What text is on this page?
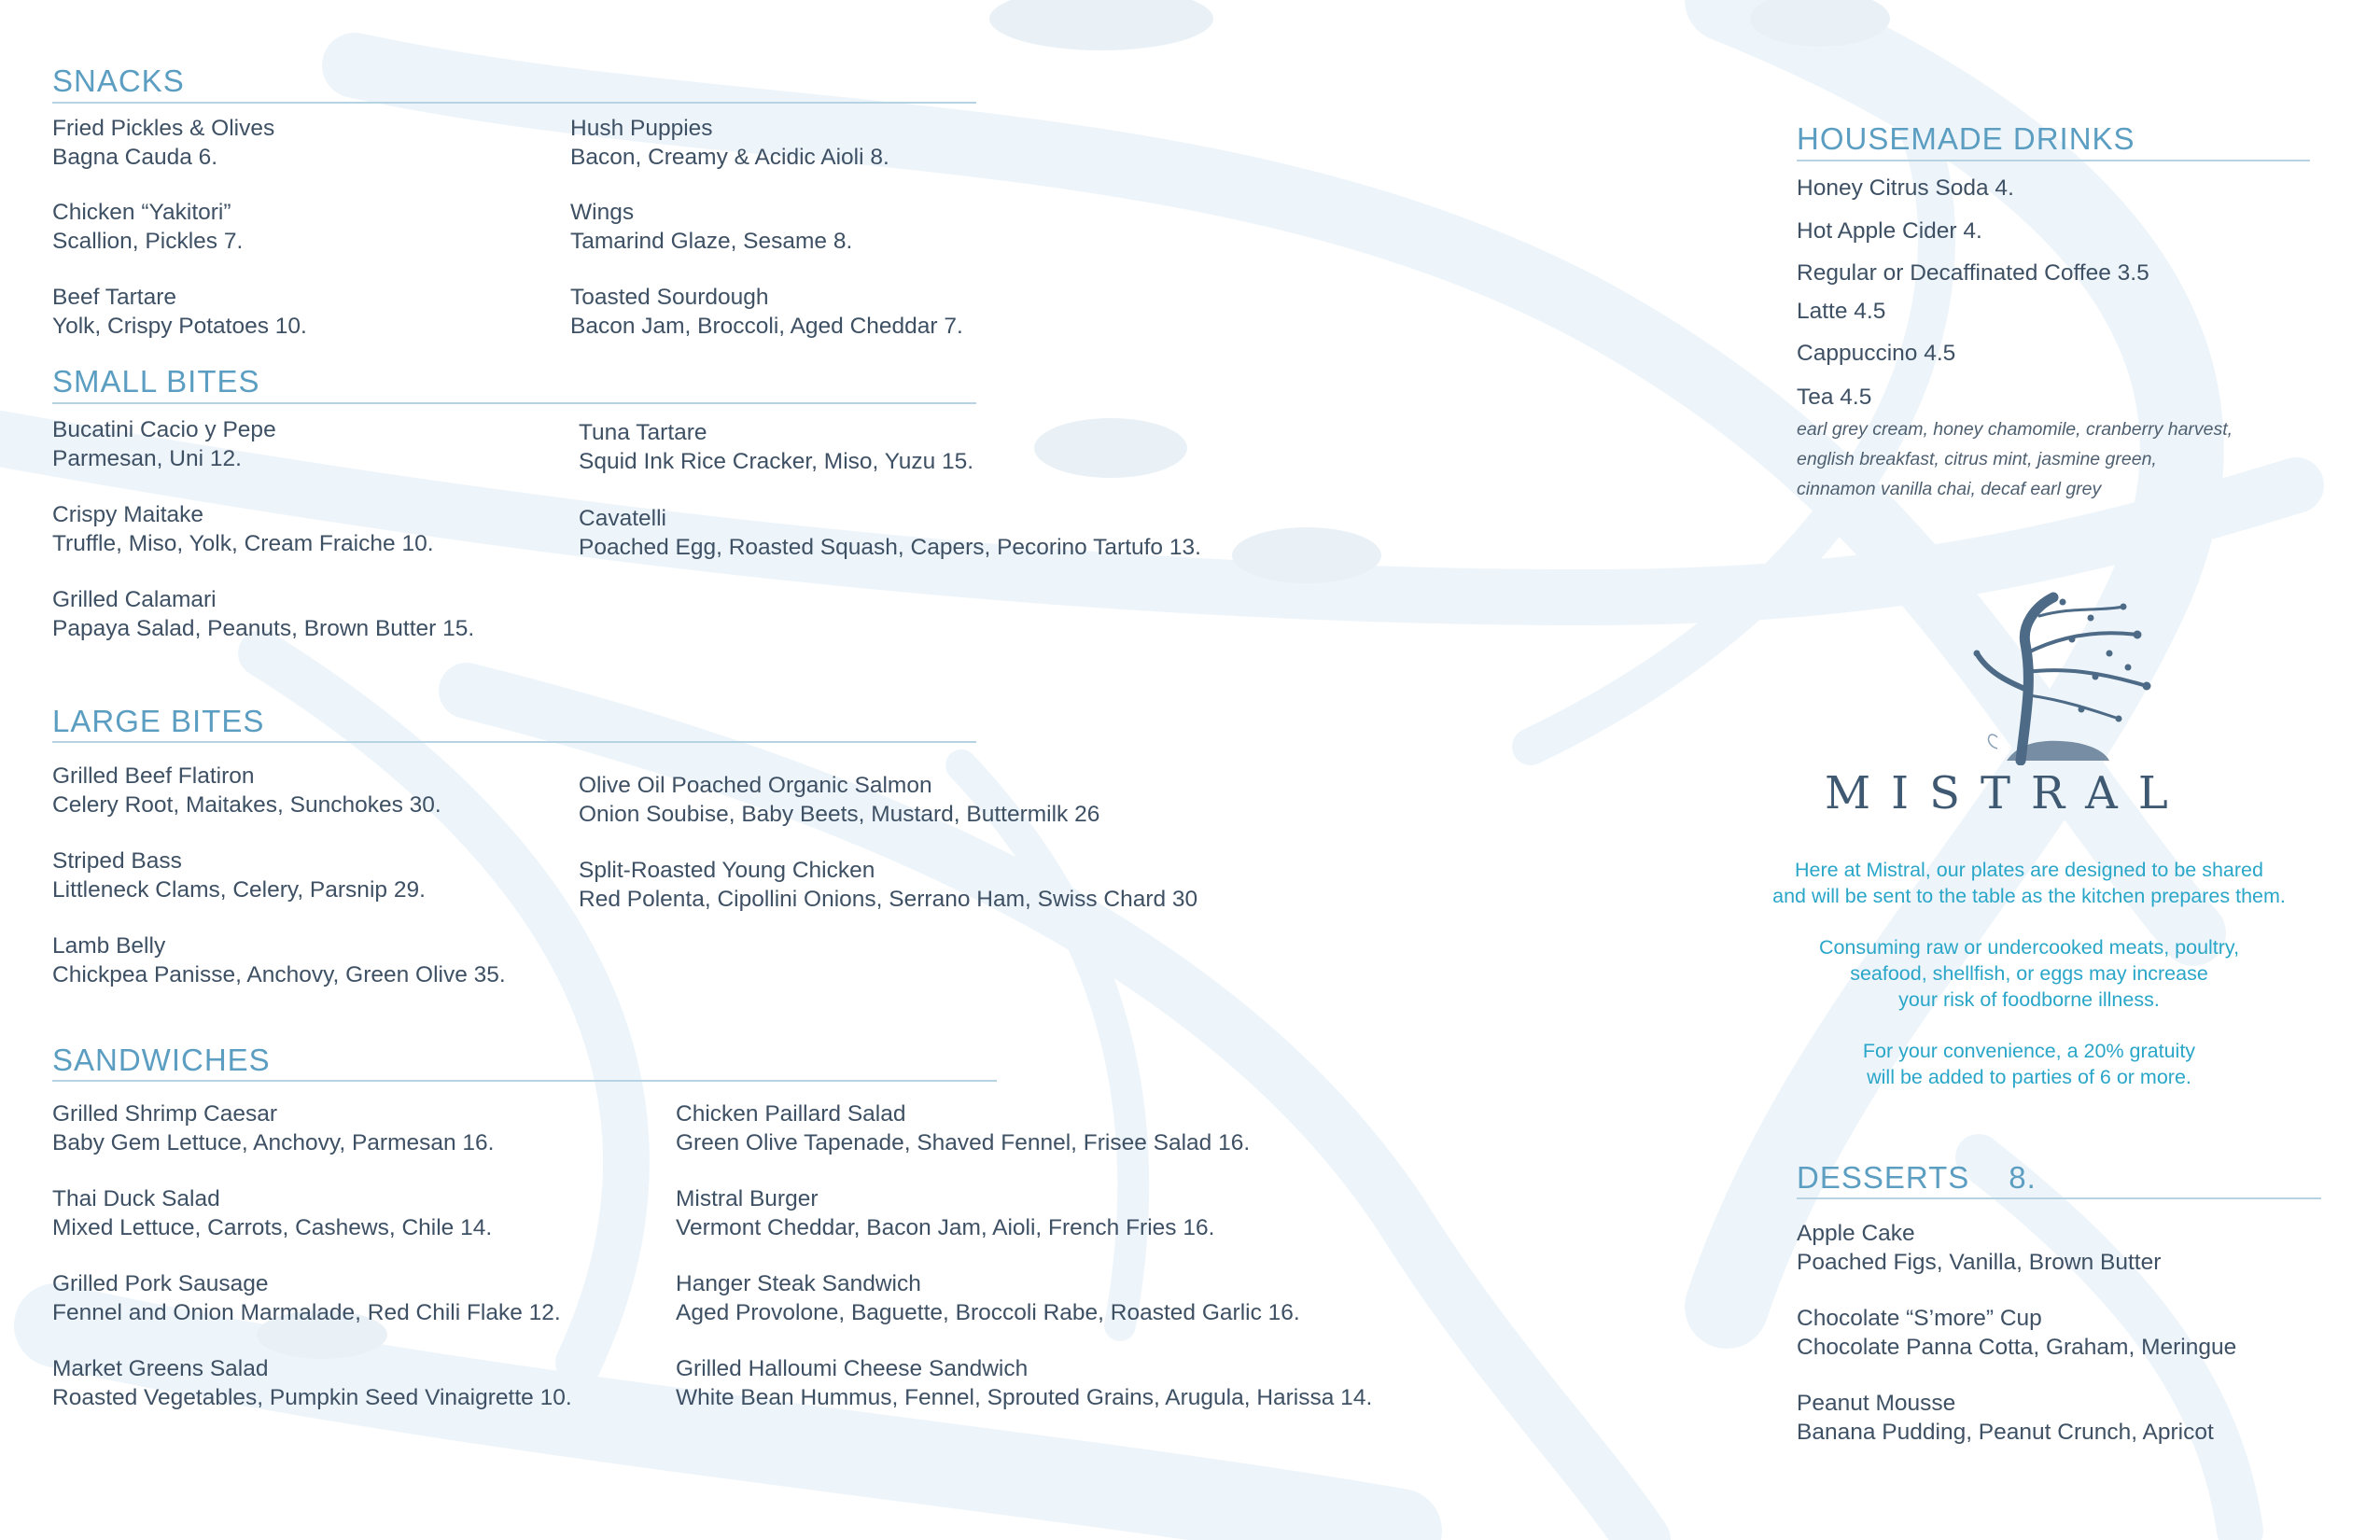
SNACKS
Fried Pickles & Olives
Bagna Cauda 6.
Chicken “Yakitori”
Scallion, Pickles 7.
Beef Tartare
Yolk, Crispy Potatoes 10.
Hush Puppies
Bacon, Creamy & Acidic Aioli 8.
Wings
Tamarind Glaze, Sesame 8.
Toasted Sourdough
Bacon Jam, Broccoli, Aged Cheddar 7.
SMALL BITES
Bucatini Cacio y Pepe
Parmesan, Uni 12.
Crispy Maitake
Truffle, Miso, Yolk, Cream Fraiche 10.
Grilled Calamari
Papaya Salad, Peanuts, Brown Butter 15.
Tuna Tartare
Squid Ink Rice Cracker, Miso, Yuzu 15.
Cavatelli
Poached Egg, Roasted Squash, Capers, Pecorino Tartufo 13.
LARGE BITES
Grilled Beef Flatiron
Celery Root, Maitakes, Sunchokes 30.
Striped Bass
Littleneck Clams, Celery, Parsnip 29.
Lamb Belly
Chickpea Panisse, Anchovy, Green Olive 35.
Olive Oil Poached Organic Salmon
Onion Soubise, Baby Beets, Mustard, Buttermilk 26
Split-Roasted Young Chicken
Red Polenta, Cipollini Onions, Serrano Ham, Swiss Chard 30
SANDWICHES
Grilled Shrimp Caesar
Baby Gem Lettuce, Anchovy, Parmesan 16.
Thai Duck Salad
Mixed Lettuce, Carrots, Cashews, Chile 14.
Grilled Pork Sausage
Fennel and Onion Marmalade, Red Chili Flake 12.
Market Greens Salad
Roasted Vegetables, Pumpkin Seed Vinaigrette 10.
Chicken Paillard Salad
Green Olive Tapenade, Shaved Fennel, Frisee Salad 16.
Mistral Burger
Vermont Cheddar, Bacon Jam, Aioli, French Fries 16.
Hanger Steak Sandwich
Aged Provolone, Baguette, Broccoli Rabe, Roasted Garlic 16.
Grilled Halloumi Cheese Sandwich
White Bean Hummus, Fennel, Sprouted Grains, Arugula, Harissa 14.
HOUSEMADE DRINKS
Honey Citrus Soda 4.
Hot Apple Cider 4.
Regular or Decaffinated Coffee 3.5
Latte 4.5
Cappuccino 4.5
Tea 4.5
earl grey cream, honey chamomile, cranberry harvest,
english breakfast, citrus mint, jasmine green,
cinnamon vanilla chai, decaf earl grey
MISTRAL

Here at Mistral, our plates are designed to be shared

and will be sent to the table as the kitchen prepares them.

Consuming raw or undercooked meats, poultry,

seafood, shellfish, or eggs may increase

your risk of foodborne illness.

For your convenience, a 20% gratuity

will be added to parties of 6 or more.

DESSERTS 8.
Apple Cake
Poached Figs, Vanilla, Brown Butter
Chocolate “S’more” Cup
Chocolate Panna Cotta, Graham, Meringue
Peanut Mousse
Banana Pudding, Peanut Crunch, Apricot
